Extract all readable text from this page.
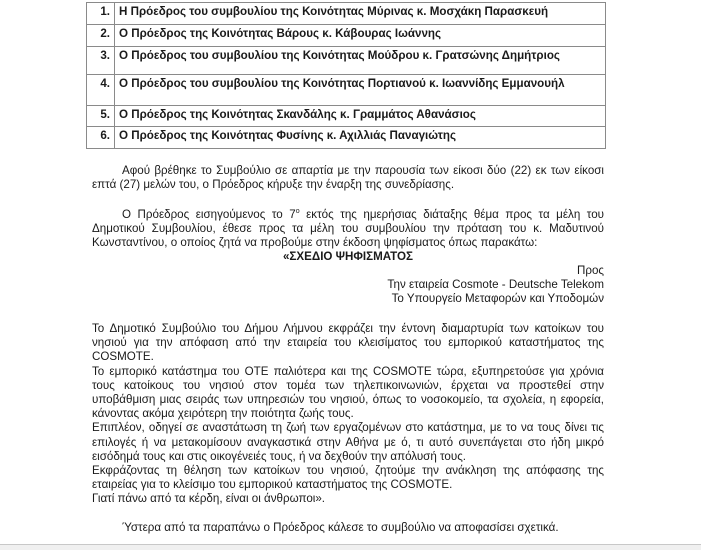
1.	Η Πρόεδρος του συμβουλίου της Κοινότητας Μύρινας κ. Μοσχάκη Παρασκευή
2.	Ο Πρόεδρος της Κοινότητας Βάρους κ. Κάβουρας Ιωάννης
3.	Ο Πρόεδρος του συμβουλίου της Κοινότητας Μούδρου κ. Γρατσώνης Δημήτριος
4.	Ο Πρόεδρος του συμβουλίου της Κοινότητας Πορτιανού κ. Ιωαννίδης Εμμανουήλ
5.	Ο Πρόεδρος της Κοινότητας Σκανδάλης κ. Γραμμάτος Αθανάσιος
6.	Ο Πρόεδρος της Κοινότητας Φυσίνης κ. Αχιλλιάς Παναγιώτης

Αφού βρέθηκε το Συμβούλιο σε απαρτία με την παρουσία των είκοσι δύο (22) εκ των είκοσι επτά (27) μελών του, ο Πρόεδρος κήρυξε την έναρξη της συνεδρίασης.

Ο Πρόεδρος εισηγούμενος το $7^o$ εκτός της ημερήσιας διάταξης θέμα προς τα μέλη του Δημοτικού Συμβουλίου, έθεσε προς τα μέλη του συμβουλίου την πρόταση του κ. Μαδυτινού Κωνσταντίνου, ο οποίος ζητά να προβούμε στην έκδοση ψηφίσματος όπως παρακάτω:

«ΣΧΕΔΙΟ ΨΗΦΙΣΜΑΤΟΣ
Προς
Την εταιρεία Cosmote - Deutsche Telekom
Το Υπουργείο Μεταφορών και Υποδομών
Το Δημοτικό Συμβούλιο του Δήμου Λήμνου εκφράζει την έντονη διαμαρτυρία των κατοίκων του νησιού για την απόφαση από την εταιρεία του κλεισίματος του εμπορικού καταστήματος της COSMOTE.
Το εμπορικό κατάστημα του ΟΤΕ παλιότερα και της COSMOTE τώρα, εξυπηρετούσε για χρόνια τους κατοίκους του νησιού στον τομέα των τηλεπικοινωνιών, έρχεται να προστεθεί στην υποβάθμιση μιας σειράς των υπηρεσιών του νησιού, όπως το νοσοκομείο, τα σχολεία, η εφορεία, κάνοντας ακόμα χειρότερη την ποιότητα ζωής τους.
Επιπλέον, οδηγεί σε αναστάτωση τη ζωή των εργαζομένων στο κατάστημα, με το να τους δίνει τις επιλογές ή να μετακομίσουν αναγκαστικά στην Αθήνα με ό, τι αυτό συνεπάγεται στο ήδη μικρό εισόδημά τους και στις οικογένειές τους, ή να δεχθούν την απόλυσή τους.
Εκφράζοντας τη θέληση των κατοίκων του νησιού, ζητούμε την ανάκληση της απόφασης της εταιρείας για το κλείσιμο του εμπορικού καταστήματος της COSMOTE.
Γιατί πάνω από τα κέρδη, είναι οι άνθρωποι».
Ύστερα από τα παραπάνω ο Πρόεδρος κάλεσε το συμβούλιο να αποφασίσει σχετικά.
